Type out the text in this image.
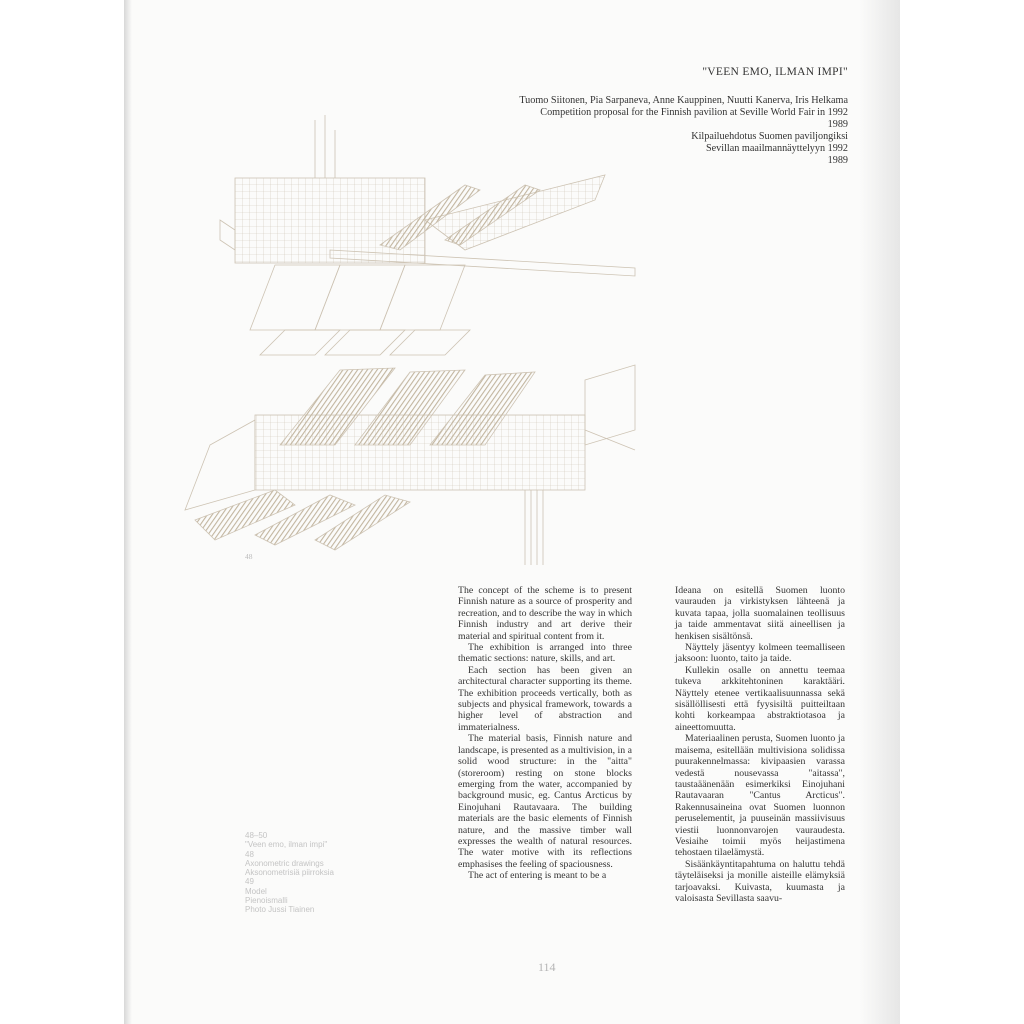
"VEEN EMO, ILMAN IMPI"
Tuomo Siitonen, Pia Sarpaneva, Anne Kauppinen, Nuutti Kanerva, Iris Helkama
Competition proposal for the Finnish pavilion at Seville World Fair in 1992
1989
Kilpailuehdotus Suomen paviljongiksi
Sevillan maailmannäyttelyyn 1992
1989
48
48–50
"Veen emo, ilman impi"
48
Axonometric drawings
Aksonometrisiä piirroksia
49
Model
Pienoismalli
Photo Jussi Tiainen

The concept of the scheme is to present Finnish nature as a source of prosperity and recreation, and to describe the way in which Finnish industry and art derive their material and spiritual content from it.

The exhibition is arranged into three thematic sections: nature, skills, and art.

Each section has been given an architectural character supporting its theme. The exhibition proceeds vertically, both as subjects and physical framework, towards a higher level of abstraction and immaterialness.

The material basis, Finnish nature and landscape, is presented as a multivision, in a solid wood structure: in the "aitta" (storeroom) resting on stone blocks emerging from the water, accompanied by background music, eg. Cantus Arcticus by Einojuhani Rautavaara. The building materials are the basic elements of Finnish nature, and the massive timber wall expresses the wealth of natural resources. The water motive with its reflections emphasises the feeling of spaciousness.

The act of entering is meant to be a

Ideana on esitellä Suomen luonto vaurauden ja virkistyksen lähteenä ja kuvata tapaa, jolla suomalainen teollisuus ja taide ammentavat siitä aineellisen ja henkisen sisältönsä.

Näyttely jäsentyy kolmeen teemalliseen jaksoon: luonto, taito ja taide.

Kullekin osalle on annettu teemaa tukeva arkkitehtoninen karaktääri. Näyttely etenee vertikaalisuunnassa sekä sisällöllisesti että fyysisiltä puitteiltaan kohti korkeampaa abstraktiotasoa ja aineettomuutta.

Materiaalinen perusta, Suomen luonto ja maisema, esitellään multivisiona solidissa puurakennelmassa: kivipaasien varassa vedestä nousevassa "aitassa", taustaäänenään esimerkiksi Einojuhani Rautavaaran "Cantus Arcticus". Rakennusaineina ovat Suomen luonnon peruselementit, ja puuseinän massiivisuus viestii luonnonvarojen vauraudesta. Vesiaihe toimii myös heijastimena tehostaen tilaelämystä.

Sisäänkäyntitapahtuma on haluttu tehdä täyteläiseksi ja monille aisteille elämyksiä tarjoavaksi. Kuivasta, kuumasta ja valoisasta Sevillasta saavu-

114
